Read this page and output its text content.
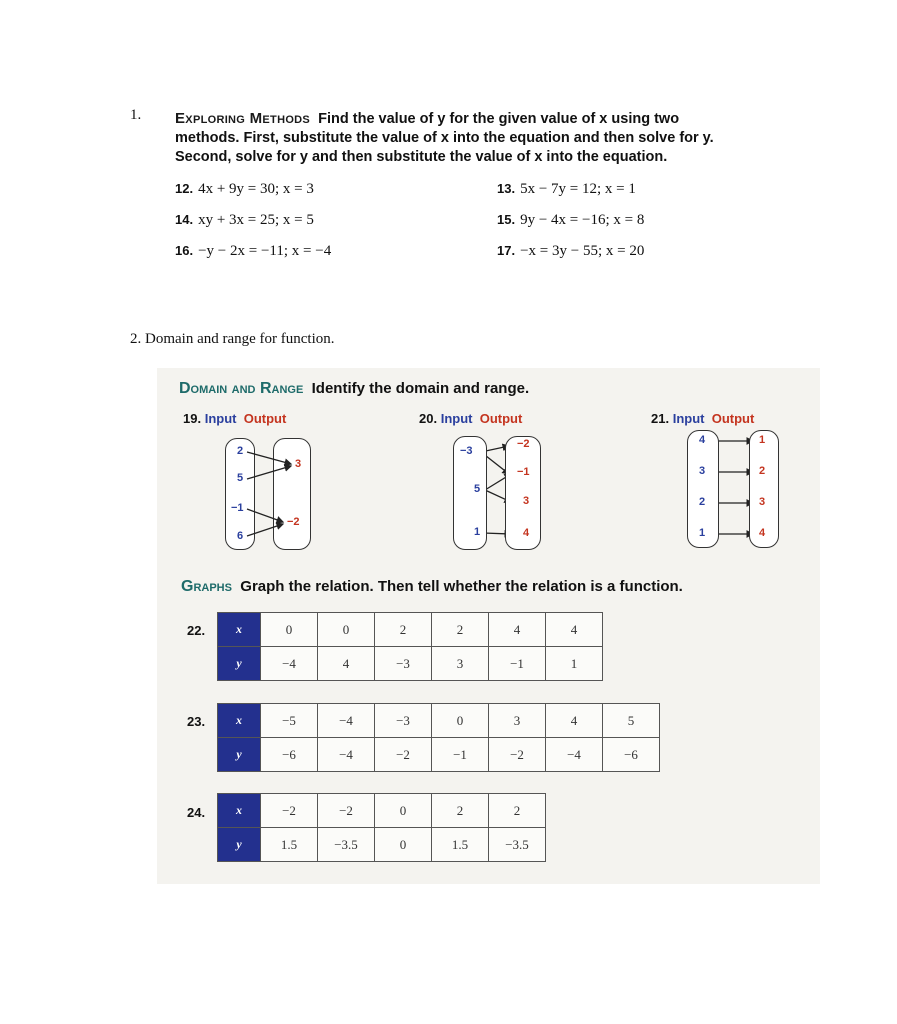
1. Exploring Methods Find the value of y for the given value of x using two
methods. First, substitute the value of x into the equation and then solve for y.
Second, solve for y and then substitute the value of x into the equation.
12. 4x + 9y = 30; x = 3	13. 5x − 7y = 12; x = 1
14. xy + 3x = 25; x = 5	15. 9y − 4x = −16; x = 8
16. −y − 2x = −11; x = −4	17. −x = 3y − 55; x = 20
2. Domain and range for function.
Domain and Range Identify the domain and range.
19. Input Output
2
5
−1
6
3
−2
20. Input Output
−3
5
1
−2
−1
3
4
21. Input Output
4
3
2
1
1
2
3
4
Graphs Graph the relation. Then tell whether the relation is a function.
22.	x	0	0	2	2	4	4
y	−4	4	−3	3	−1	1
23.	x	−5	−4	−3	0	3	4	5
y	−6	−4	−2	−1	−2	−4	−6
24.	x	−2	−2	0	2	2
y	1.5	−3.5	0	1.5	−3.5
